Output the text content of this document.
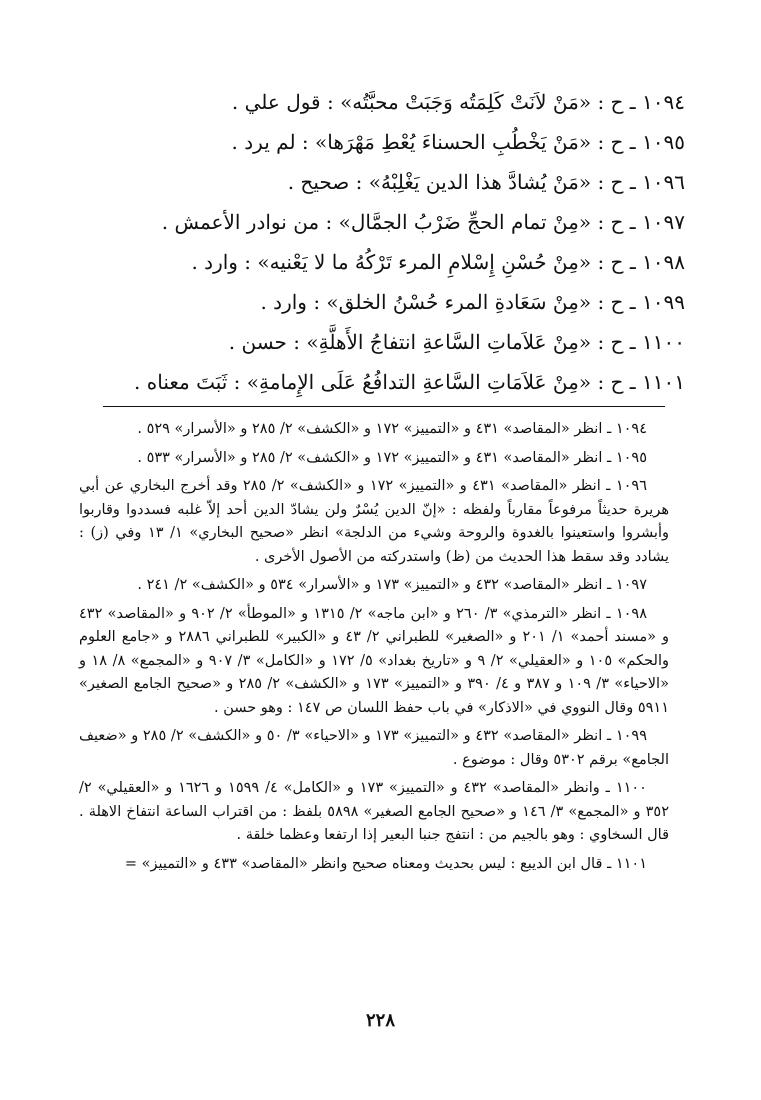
١٠٩٤ ـ ح : «مَنْ لاَنَتْ كَلِمَتُه وَجَبَتْ محبَّتُه» : قول علي .
١٠٩٥ ـ ح : «مَنْ يَخْطُبِ الحسناءَ يُعْطِ مَهْرَها» : لم يرد .
١٠٩٦ ـ ح : «مَنْ يُشادَّ هذا الدين يَغْلِبْهُ» : صحيح .
١٠٩٧ ـ ح : «مِنْ تمام الحجِّ ضَرْبُ الجمَّال» : من نوادر الأعمش .
١٠٩٨ ـ ح : «مِنْ حُسْنِ إِسْلامِ المرء تَرْكُهُ ما لا يَعْنيه» : وارد .
١٠٩٩ ـ ح : «مِنْ سَعَادةِ المرء حُسْنُ الخلق» : وارد .
١١٠٠ ـ ح : «مِنْ عَلاَماتِ السَّاعةِ انتفاجُ الأَهلَّةِ» : حسن .
١١٠١ ـ ح : «مِنْ عَلاَمَاتِ السَّاعةِ التدافُعُ عَلَى الإِمامةِ» : ثَبَتَ معناه .

١٠٩٤ ـ انظر «المقاصد» ٤٣١ و «التمييز» ١٧٢ و «الكشف» ٢/ ٢٨٥ و «الأسرار» ٥٢٩ .

١٠٩٥ ـ انظر «المقاصد» ٤٣١ و «التمييز» ١٧٢ و «الكشف» ٢/ ٢٨٥ و «الأسرار» ٥٣٣ .

١٠٩٦ ـ انظر «المقاصد» ٤٣١ و «التمييز» ١٧٢ و «الكشف» ٢/ ٢٨٥ وقد أخرج البخاري عن أبي هريرة حديثاً مرفوعاً مقارباً ولفظه : «إنّ الدين يُسْرٌ ولن يشادّ الدين أحد إلاّ غلبه فسددوا وقاربوا وأبشروا واستعينوا بالغدوة والروحة وشيء من الدلجة» انظر «صحيح البخاري» ١/ ١٣ وفي (ز) : يشادد وقد سقط هذا الحديث من (ظ) واستدركته من الأصول الأخرى .

١٠٩٧ ـ انظر «المقاصد» ٤٣٢ و «التمييز» ١٧٣ و «الأسرار» ٥٣٤ و «الكشف» ٢/ ٢٤١ .

١٠٩٨ ـ انظر «الترمذي» ٣/ ٢٦٠ و «ابن ماجه» ٢/ ١٣١٥ و «الموطأ» ٢/ ٩٠٢ و «المقاصد» ٤٣٢ و «مسند أحمد» ١/ ٢٠١ و «الصغير» للطبراني ٢/ ٤٣ و «الكبير» للطبراني ٢٨٨٦ و «جامع العلوم والحكم» ١٠٥ و «العقيلي» ٢/ ٩ و «تاريخ بغداد» ٥/ ١٧٢ و «الكامل» ٣/ ٩٠٧ و «المجمع» ٨/ ١٨ و «الاحياء» ٣/ ١٠٩ و ٣٨٧ و ٤/ ٣٩٠ و «التمييز» ١٧٣ و «الكشف» ٢/ ٢٨٥ و «صحيح الجامع الصغير» ٥٩١١ وقال النووي في «الاذكار» في باب حفظ اللسان ص ١٤٧ : وهو حسن .

١٠٩٩ ـ انظر «المقاصد» ٤٣٢ و «التمييز» ١٧٣ و «الاحياء» ٣/ ٥٠ و «الكشف» ٢/ ٢٨٥ و «ضعيف الجامع» برقم ٥٣٠٢ وقال : موضوع .

١١٠٠ ـ وانظر «المقاصد» ٤٣٢ و «التمييز» ١٧٣ و «الكامل» ٤/ ١٥٩٩ و ١٦٢٦ و «العقيلي» ٢/ ٣٥٢ و «المجمع» ٣/ ١٤٦ و «صحيح الجامع الصغير» ٥٨٩٨ بلفظ : من اقتراب الساعة انتفاخ الاهلة . قال السخاوي : وهو بالجيم من : انتفج جنبا البعير إذا ارتفعا وعظما خلقة .

١١٠١ ـ قال ابن الديبع : ليس بحديث ومعناه صحيح وانظر «المقاصد» ٤٣٣ و «التمييز» =

٢٢٨
